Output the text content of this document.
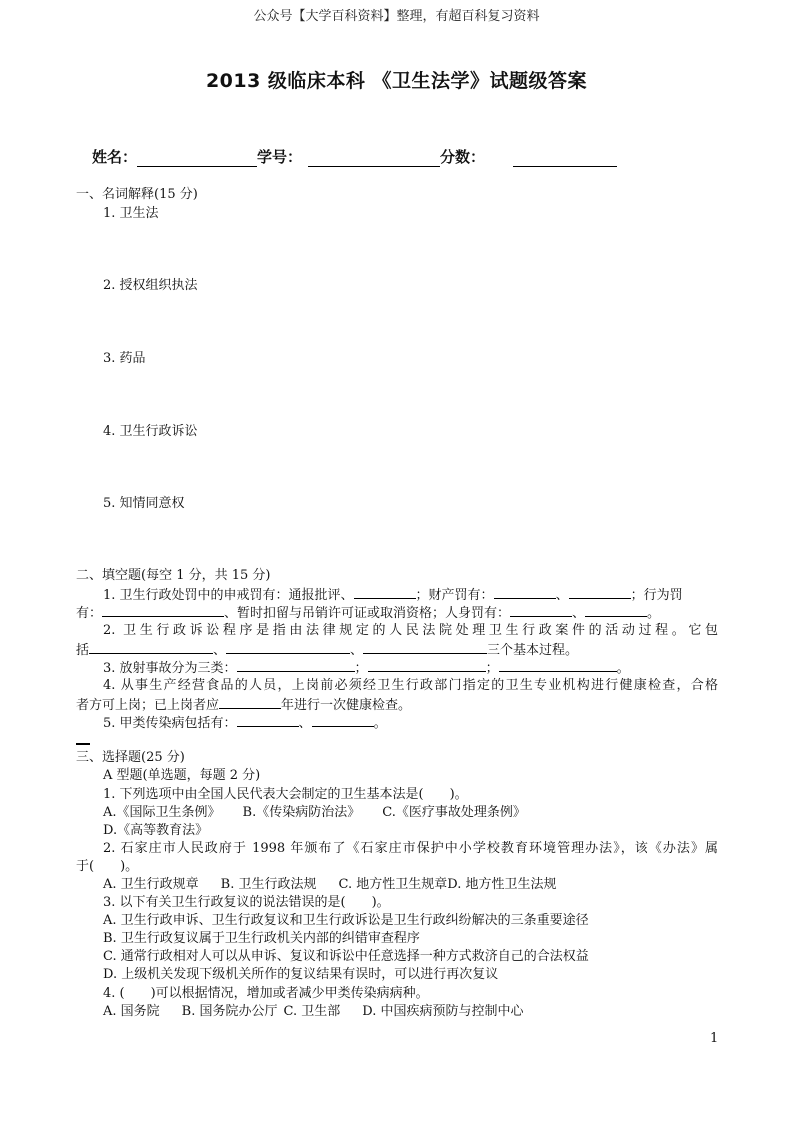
公众号【大学百科资料】整理，有超百科复习资料
2013 级临床本科 《卫生法学》试题级答案
姓名：	学号：	分数：
一、名词解释(15 分)
1. 卫生法
2. 授权组织执法
3. 药品
4. 卫生行政诉讼
5. 知情同意权
二、填空题(每空 1 分，共 15 分)
1. 卫生行政处罚中的申戒罚有：通报批评、	；财产罚有：	、	；行为罚
有：	、暂时扣留与吊销许可证或取消资格；人身罚有：	、	。
2. 卫生行政诉讼程序是指由法律规定的人民法院处理卫生行政案件的活动过程。它包
括	、	、	三个基本过程。
3. 放射事故分为三类：	；	；	。
4. 从事生产经营食品的人员，上岗前必须经卫生行政部门指定的卫生专业机构进行健康检查，合格
者方可上岗；已上岗者应	年进行一次健康检查。
5. 甲类传染病包括有：	、	。
三、选择题(25 分)
A 型题(单选题，每题 2 分)
1. 下列选项中由全国人民代表大会制定的卫生基本法是(　　)。
A.《国际卫生条例》 B.《传染病防治法》 C.《医疗事故处理条例》
D.《高等教育法》
2. 石家庄市人民政府于 1998 年颁布了《石家庄市保护中小学校教育环境管理办法》，该《办法》属
于(　　)。
A. 卫生行政规章 B. 卫生行政法规 C. 地方性卫生规章D. 地方性卫生法规
3. 以下有关卫生行政复议的说法错误的是(　　)。
A. 卫生行政申诉、卫生行政复议和卫生行政诉讼是卫生行政纠纷解决的三条重要途径
B. 卫生行政复议属于卫生行政机关内部的纠错审查程序
C. 通常行政相对人可以从申诉、复议和诉讼中任意选择一种方式救济自己的合法权益
D. 上级机关发现下级机关所作的复议结果有误时，可以进行再次复议
4. (　　)可以根据情况，增加或者减少甲类传染病病种。
A. 国务院 B. 国务院办公厅 C. 卫生部 D. 中国疾病预防与控制中心
1
